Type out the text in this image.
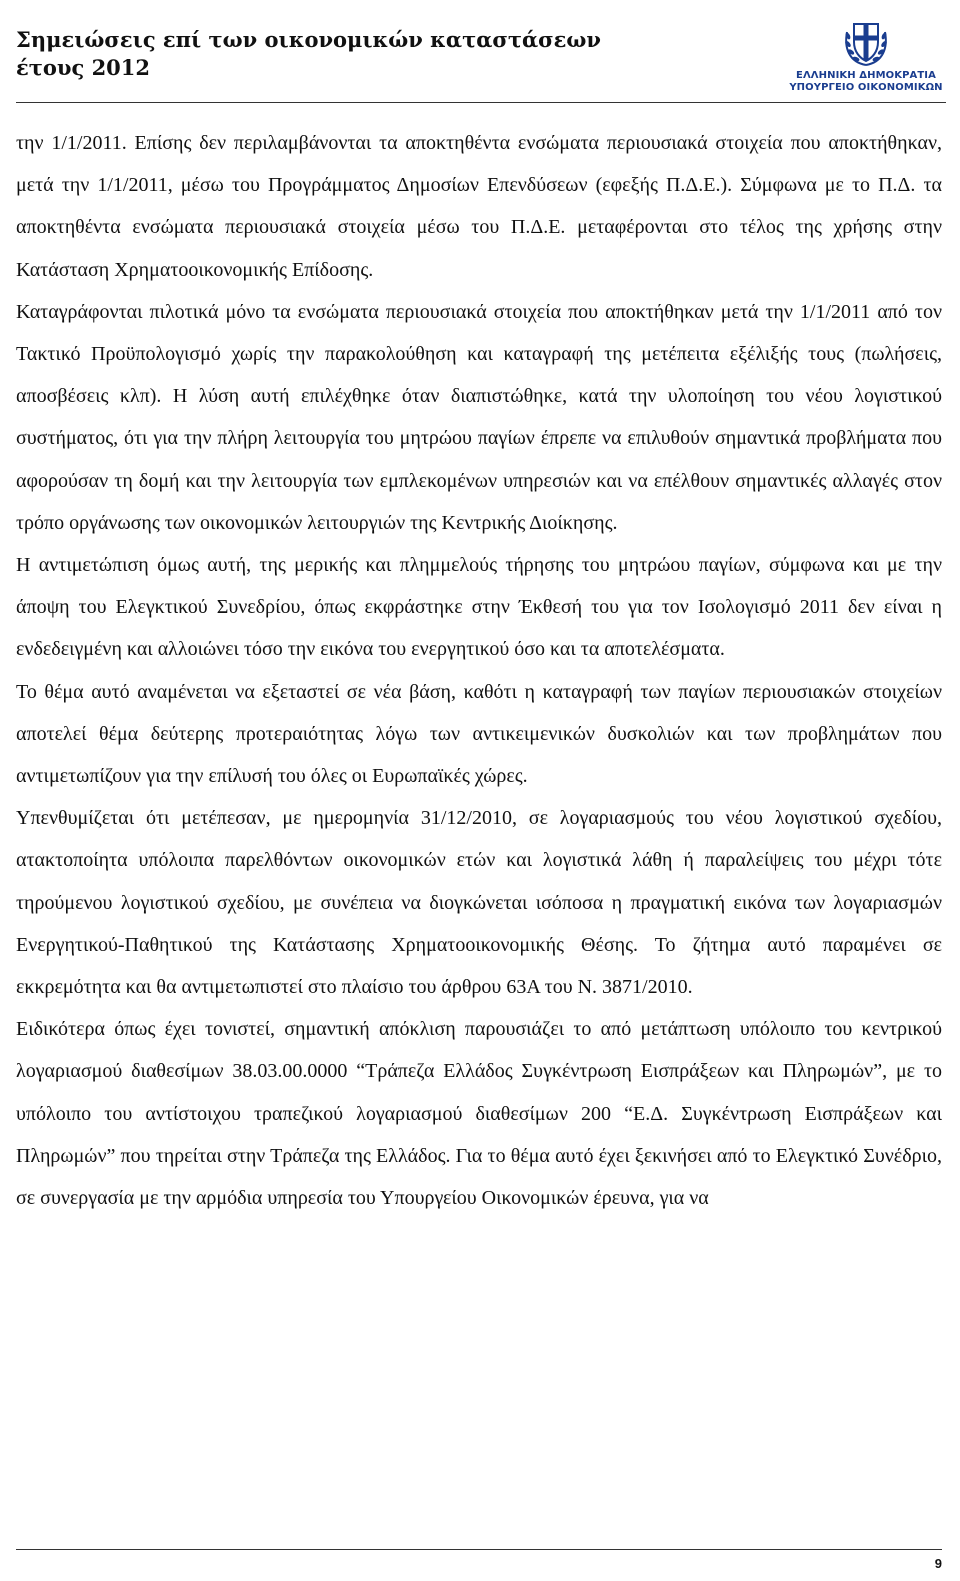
Σημειώσεις επί των οικονομικών καταστάσεων
έτους 2012	ΕΛΛΗΝΙΚΗ ΔΗΜΟΚΡΑΤΙΑ
ΥΠΟΥΡΓΕΙΟ ΟΙΚΟΝΟΜΙΚΩΝ

την 1/1/2011. Επίσης δεν περιλαμβάνονται τα αποκτηθέντα ενσώματα περιουσιακά στοιχεία που αποκτήθηκαν, μετά την 1/1/2011, μέσω του Προγράμματος Δημοσίων Επενδύσεων (εφεξής Π.Δ.Ε.). Σύμφωνα με το Π.Δ. τα αποκτηθέντα ενσώματα περιουσιακά στοιχεία μέσω του Π.Δ.Ε. μεταφέρονται στο τέλος της χρήσης στην Κατάσταση Χρηματοοικονομικής Επίδοσης.

Καταγράφονται πιλοτικά μόνο τα ενσώματα περιουσιακά στοιχεία που αποκτήθηκαν μετά την 1/1/2011 από τον Τακτικό Προϋπολογισμό χωρίς την παρακολούθηση και καταγραφή της μετέπειτα εξέλιξής τους (πωλήσεις, αποσβέσεις κλπ). Η λύση αυτή επιλέχθηκε όταν διαπιστώθηκε, κατά την υλοποίηση του νέου λογιστικού συστήματος, ότι για την πλήρη λειτουργία του μητρώου παγίων έπρεπε να επιλυθούν σημαντικά προβλήματα που αφορούσαν τη δομή και την λειτουργία των εμπλεκομένων υπηρεσιών και να επέλθουν σημαντικές αλλαγές στον τρόπο οργάνωσης των οικονομικών λειτουργιών της Κεντρικής Διοίκησης.

Η αντιμετώπιση όμως αυτή, της μερικής και πλημμελούς τήρησης του μητρώου παγίων, σύμφωνα και με την άποψη του Ελεγκτικού Συνεδρίου, όπως εκφράστηκε στην Έκθεσή του για τον Ισολογισμό 2011 δεν είναι η ενδεδειγμένη και αλλοιώνει τόσο την εικόνα του ενεργητικού όσο και τα αποτελέσματα.

Το θέμα αυτό αναμένεται να εξεταστεί σε νέα βάση, καθότι η καταγραφή των παγίων περιουσιακών στοιχείων αποτελεί θέμα δεύτερης προτεραιότητας λόγω των αντικειμενικών δυσκολιών και των προβλημάτων που αντιμετωπίζουν για την επίλυσή του όλες οι Ευρωπαϊκές χώρες.

Υπενθυμίζεται ότι μετέπεσαν, με ημερομηνία 31/12/2010, σε λογαριασμούς του νέου λογιστικού σχεδίου, ατακτοποίητα υπόλοιπα παρελθόντων οικονομικών ετών και λογιστικά λάθη ή παραλείψεις του μέχρι τότε τηρούμενου λογιστικού σχεδίου, με συνέπεια να διογκώνεται ισόποσα η πραγματική εικόνα των λογαριασμών Ενεργητικού-Παθητικού της Κατάστασης Χρηματοοικονομικής Θέσης. Το ζήτημα αυτό παραμένει σε εκκρεμότητα και θα αντιμετωπιστεί στο πλαίσιο του άρθρου 63Α του Ν. 3871/2010.

Ειδικότερα όπως έχει τονιστεί, σημαντική απόκλιση παρουσιάζει το από μετάπτωση υπόλοιπο του κεντρικού λογαριασμού διαθεσίμων 38.03.00.0000 “Τράπεζα Ελλάδος Συγκέντρωση Εισπράξεων και Πληρωμών”, με το υπόλοιπο του αντίστοιχου τραπεζικού λογαριασμού διαθεσίμων 200 “Ε.Δ. Συγκέντρωση Εισπράξεων και Πληρωμών” που τηρείται στην Τράπεζα της Ελλάδος. Για το θέμα αυτό έχει ξεκινήσει από το Ελεγκτικό Συνέδριο, σε συνεργασία με την αρμόδια υπηρεσία του Υπουργείου Οικονομικών έρευνα, για να

9
